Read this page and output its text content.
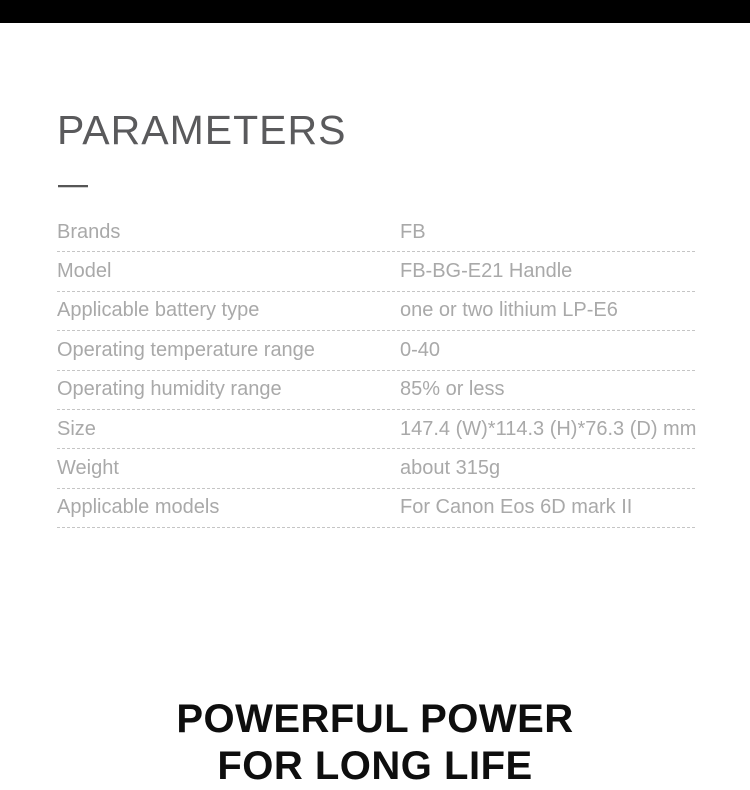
PARAMETERS
Brands	FB
Model	FB-BG-E21 Handle
Applicable battery type	one or two lithium LP-E6
Operating temperature range	0-40
Operating humidity range	85% or less
Size	147.4 (W)*114.3 (H)*76.3 (D) mm
Weight	about 315g
Applicable models	For Canon Eos 6D mark II
POWERFUL POWER
FOR LONG LIFE
